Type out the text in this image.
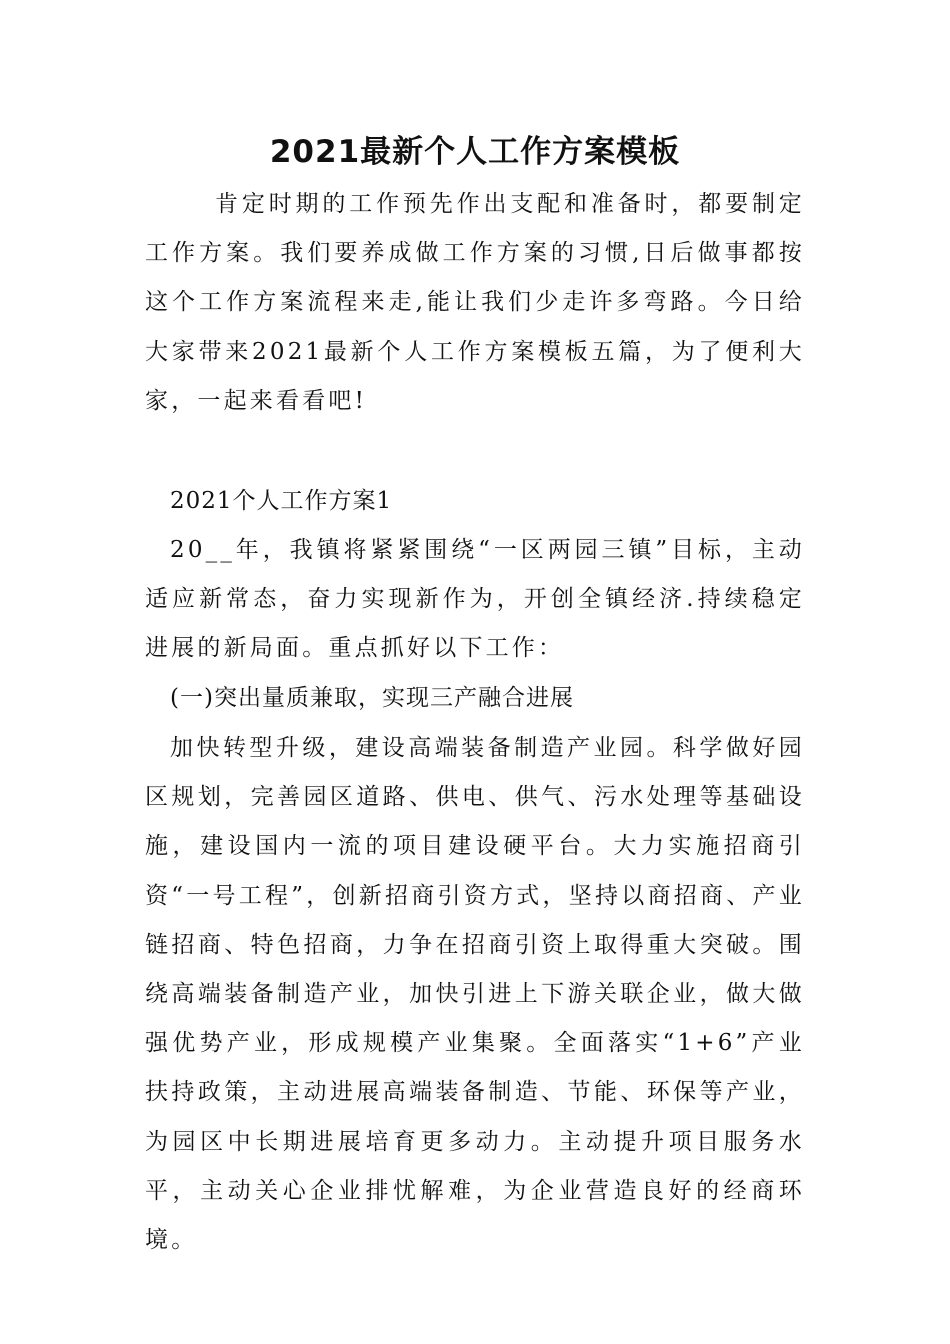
2021最新个人工作方案模板

肯定时期的工作预先作出支配和准备时，都要制定工作方案。我们要养成做工作方案的习惯,日后做事都按这个工作方案流程来走,能让我们少走许多弯路。今日给大家带来2021最新个人工作方案模板五篇，为了便利大家，一起来看看吧!

2021个人工作方案1

20__年，我镇将紧紧围绕“一区两园三镇”目标，主动适应新常态，奋力实现新作为，开创全镇经济.持续稳定进展的新局面。重点抓好以下工作：

(一)突出量质兼取，实现三产融合进展

加快转型升级，建设高端装备制造产业园。科学做好园区规划，完善园区道路、供电、供气、污水处理等基础设施，建设国内一流的项目建设硬平台。大力实施招商引资“一号工程”，创新招商引资方式，坚持以商招商、产业链招商、特色招商，力争在招商引资上取得重大突破。围绕高端装备制造产业，加快引进上下游关联企业，做大做强优势产业，形成规模产业集聚。全面落实“1+6”产业扶持政策，主动进展高端装备制造、节能、环保等产业，为园区中长期进展培育更多动力。主动提升项目服务水平，主动关心企业排忧解难，为企业营造良好的经商环境。
